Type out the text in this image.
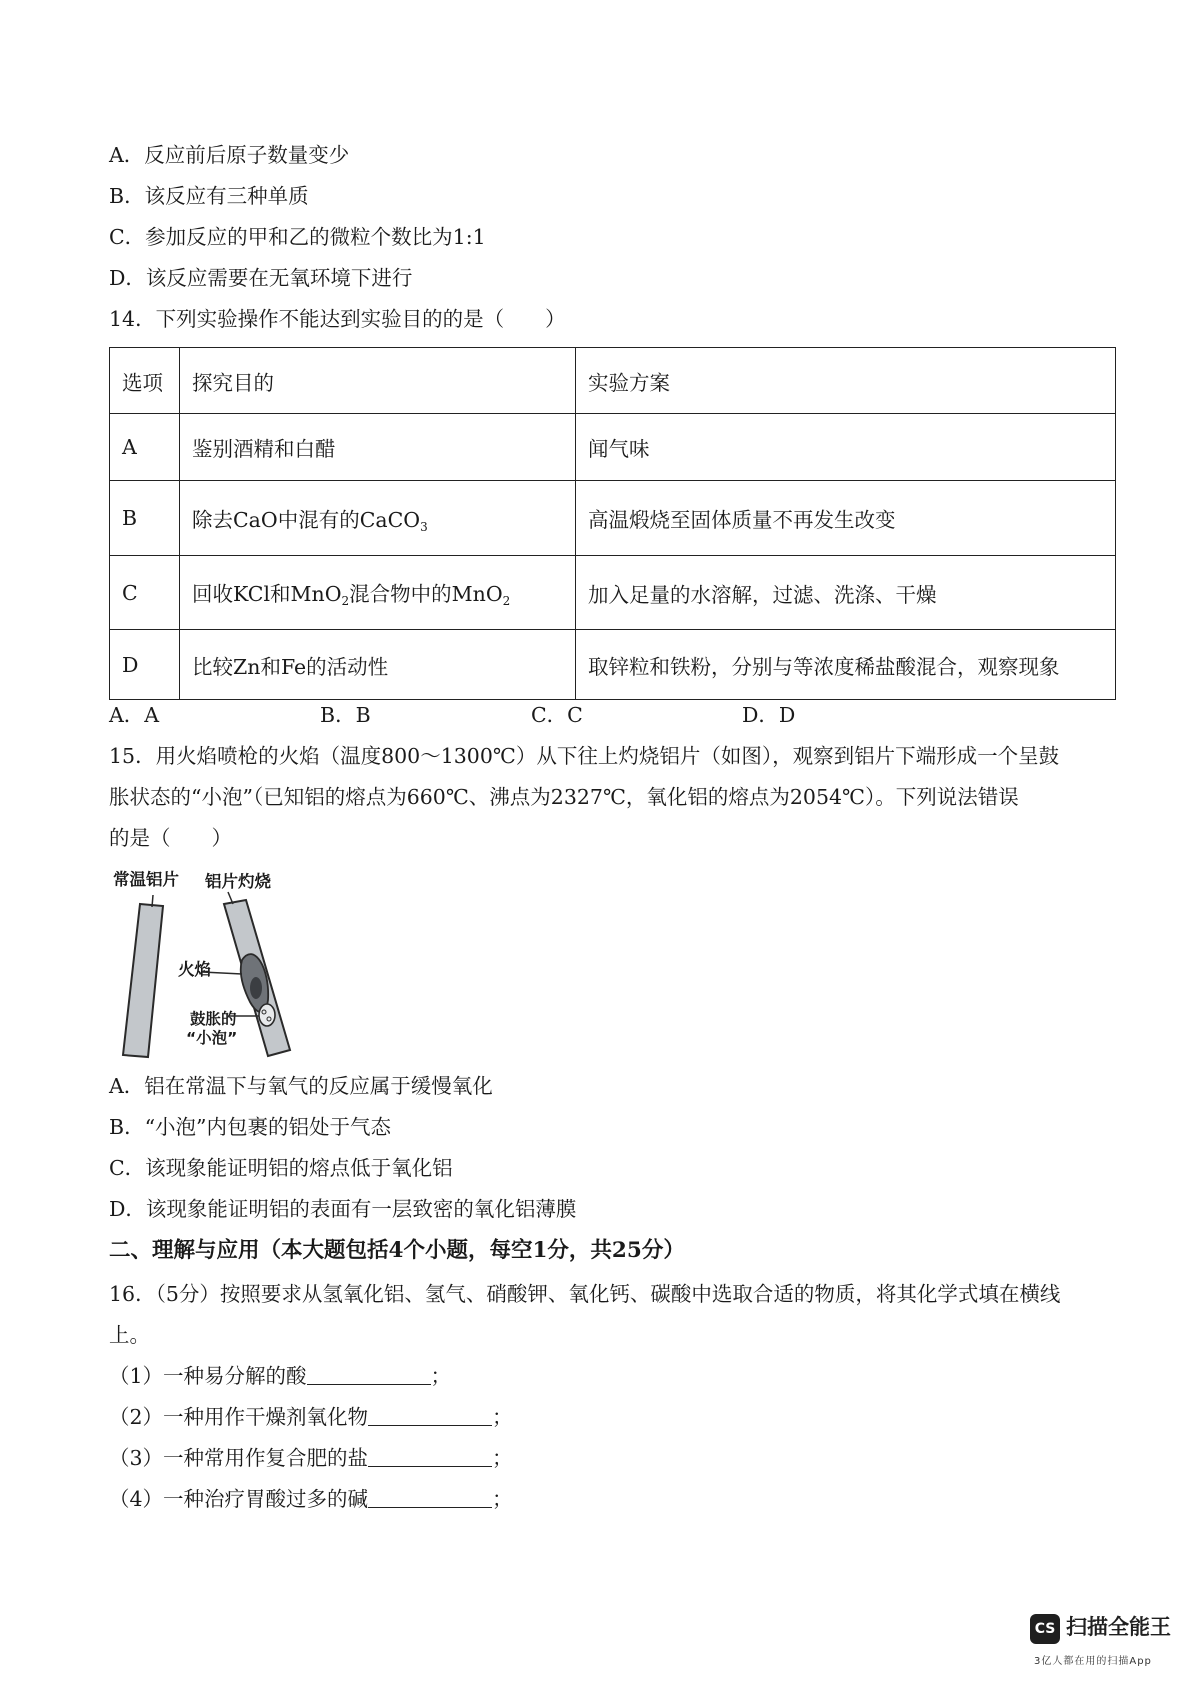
A．反应前后原子数量变少
B．该反应有三种单质
C．参加反应的甲和乙的微粒个数比为1:1
D．该反应需要在无氧环境下进行
14．下列实验操作不能达到实验目的的是（　　）
选项	探究目的	实验方案
A	鉴别酒精和白醋	闻气味
B	除去CaO中混有的CaCO$_3$	高温煅烧至固体质量不再发生改变
C	回收KCl和MnO$_2$混合物中的MnO$_2$	加入足量的水溶解，过滤、洗涤、干燥
D	比较Zn和Fe的活动性	取锌粒和铁粉，分别与等浓度稀盐酸混合，观察现象
A．A	B．B	C．C	D．D
15．用火焰喷枪的火焰（温度800～1300℃）从下往上灼烧铝片（如图），观察到铝片下端形成一个呈鼓
胀状态的“小泡”（已知铝的熔点为660℃、沸点为2327℃，氧化铝的熔点为2054℃）。下列说法错误
的是（　　）
常温铝片 铝片灼烧
火焰
鼓胀的
“小泡”
A．铝在常温下与氧气的反应属于缓慢氧化
B．“小泡”内包裹的铝处于气态
C．该现象能证明铝的熔点低于氧化铝
D．该现象能证明铝的表面有一层致密的氧化铝薄膜
二、理解与应用（本大题包括4个小题，每空1分，共25分）
16．（5分）按照要求从氢氧化铝、氢气、硝酸钾、氧化钙、碳酸中选取合适的物质，将其化学式填在横线
上。
（1）一种易分解的酸	；
（2）一种用作干燥剂氧化物	；
（3）一种常用作复合肥的盐	；
（4）一种治疗胃酸过多的碱	；
CS 扫描全能王
3亿人都在用的扫描App
